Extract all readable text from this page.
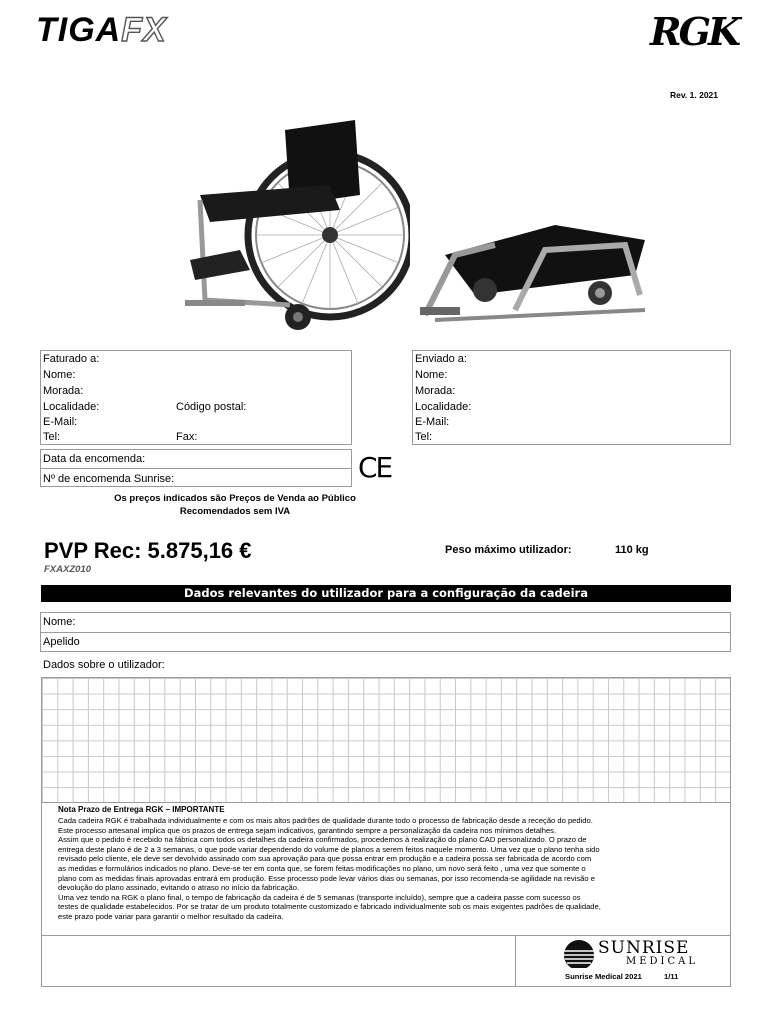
TIGAFX	RGK
Rev. 1. 2021
Faturado a:
Nome:
Morada:
Localidade:	Código postal:
E-Mail:
Tel:	Fax:
Enviado a:
Nome:
Morada:
Localidade:
E-Mail:
Tel:
Data da encomenda:
Nº de encomenda Sunrise:	CE
Os preços indicados são Preços de Venda ao Público
Recomendados sem IVA
PVP Rec: 5.875,16 €
FXAXZ010
Peso máximo utilizador:	110 kg
Dados relevantes do utilizador para a configuração da cadeira
Nome:
Apelido
Dados sobre o utilizador:
Nota Prazo de Entrega RGK – IMPORTANTE
Cada cadeira RGK é trabalhada individualmente e com os mais altos padrões de qualidade durante todo o processo de fabricação desde a receção do pedido.
Este processo artesanal implica que os prazos de entrega sejam indicativos, garantindo sempre a personalização da cadeira nos mínimos detalhes.
Assim que o pedido é recebido na fábrica com todos os detalhes da cadeira confirmados, procedemos à realização do plano CAD personalizado. O prazo de
entrega deste plano é de 2 a 3 semanas, o que pode variar dependendo do volume de planos a serem feitos naquele momento. Uma vez que o plano tenha sido
revisado pelo cliente, ele deve ser devolvido assinado com sua aprovação para que possa entrar em produção e a cadeira possa ser fabricada de acordo com
as medidas e formulários indicados no plano. Deve-se ter em conta que, se forem feitas modificações no plano, um novo será feito , uma vez que somente o
plano com as medidas finais aprovadas entrará em produção. Esse processo pode levar vários dias ou semanas, por isso recomenda-se agilidade na revisão e
devolução do plano assinado, evitando o atraso no início da fabricação.
Uma vez tendo na RGK o plano final, o tempo de fabricação da cadeira é de 5 semanas (transporte incluído), sempre que a cadeira passe com sucesso os
testes de qualidade estabelecidos. Por se tratar de um produto totalmente customizado e fabricado individualmente sob os mais exigentes padrões de qualidade,
este prazo pode variar para garantir o melhor resultado da cadeira.
SUNRISE
MEDICAL
Sunrise Medical 2021	1/11
